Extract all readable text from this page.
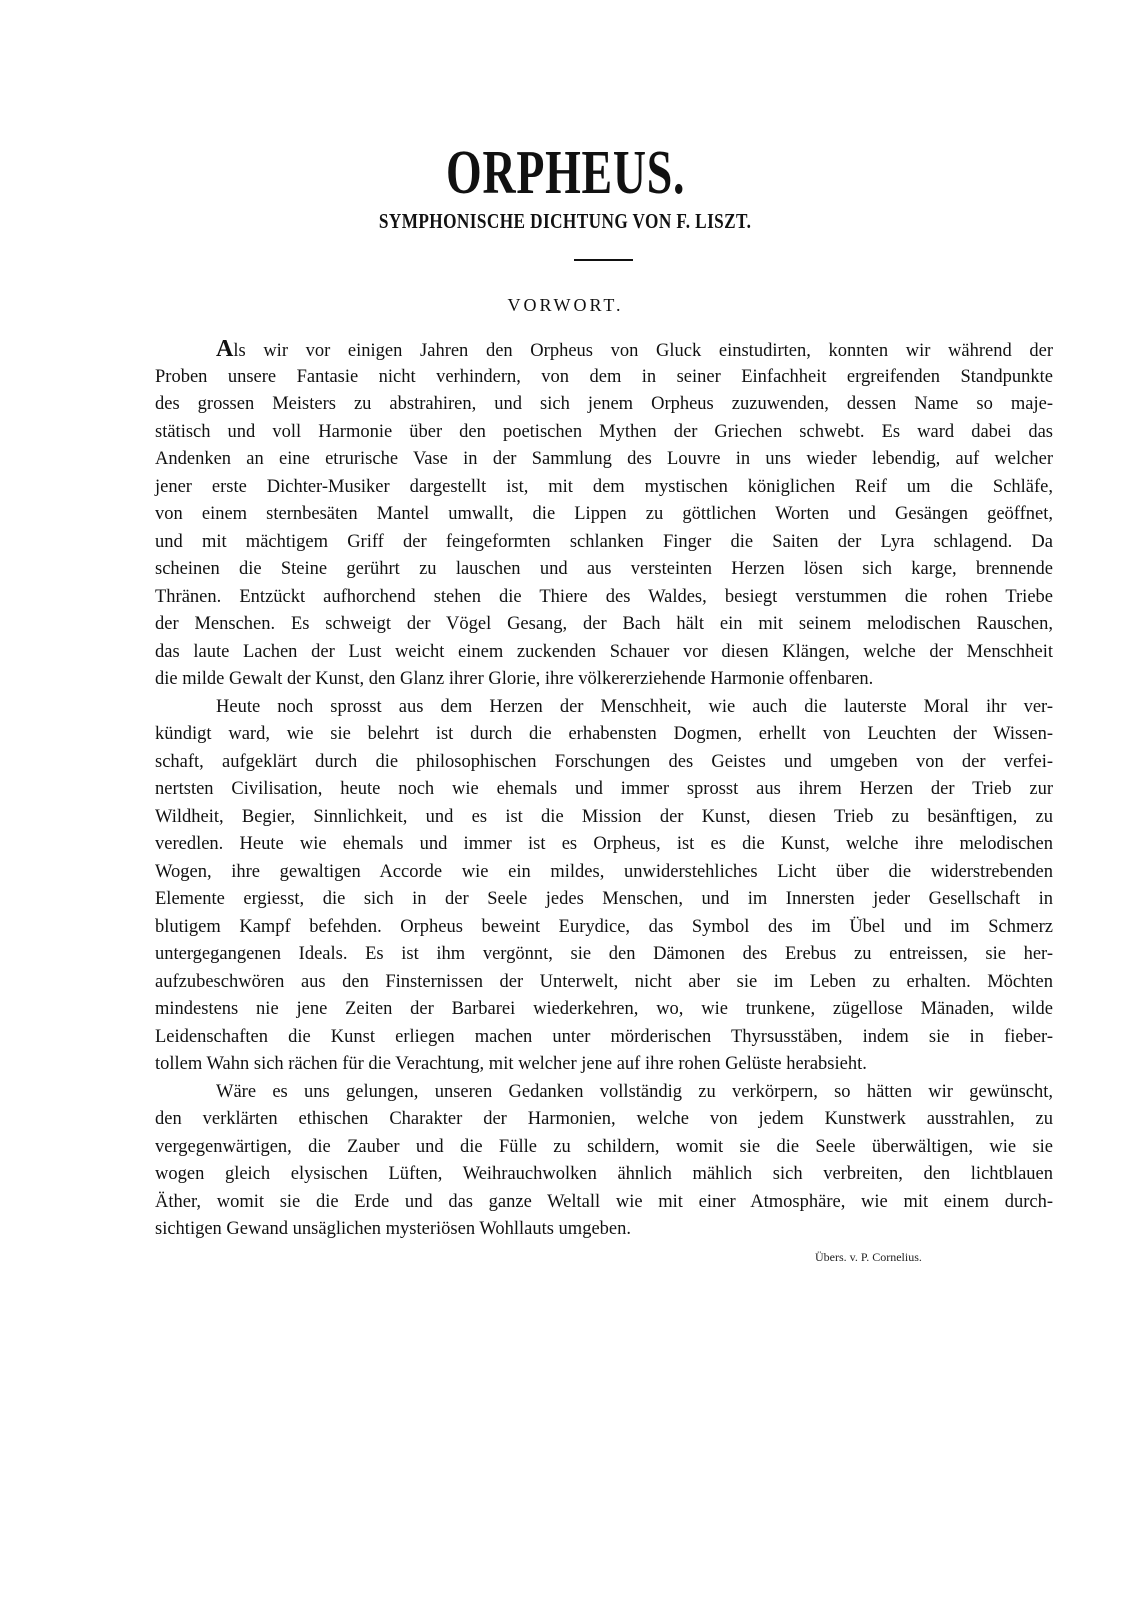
ORPHEUS.
SYMPHONISCHE DICHTUNG VON F. LISZT.
VORWORT.
Als wir vor einigen Jahren den Orpheus von Gluck einstudirten, konnten wir während der
Proben unsere Fantasie nicht verhindern, von dem in seiner Einfachheit ergreifenden Standpunkte
des grossen Meisters zu abstrahiren, und sich jenem Orpheus zuzuwenden, dessen Name so maje-
stätisch und voll Harmonie über den poetischen Mythen der Griechen schwebt. Es ward dabei das
Andenken an eine etrurische Vase in der Sammlung des Louvre in uns wieder lebendig, auf welcher
jener erste Dichter-Musiker dargestellt ist, mit dem mystischen königlichen Reif um die Schläfe,
von einem sternbesäten Mantel umwallt, die Lippen zu göttlichen Worten und Gesängen geöffnet,
und mit mächtigem Griff der feingeformten schlanken Finger die Saiten der Lyra schlagend. Da
scheinen die Steine gerührt zu lauschen und aus versteinten Herzen lösen sich karge, brennende
Thränen. Entzückt aufhorchend stehen die Thiere des Waldes, besiegt verstummen die rohen Triebe
der Menschen. Es schweigt der Vögel Gesang, der Bach hält ein mit seinem melodischen Rauschen,
das laute Lachen der Lust weicht einem zuckenden Schauer vor diesen Klängen, welche der Menschheit
die milde Gewalt der Kunst, den Glanz ihrer Glorie, ihre völkererziehende Harmonie offenbaren.
Heute noch sprosst aus dem Herzen der Menschheit, wie auch die lauterste Moral ihr ver-
kündigt ward, wie sie belehrt ist durch die erhabensten Dogmen, erhellt von Leuchten der Wissen-
schaft, aufgeklärt durch die philosophischen Forschungen des Geistes und umgeben von der verfei-
nertsten Civilisation, heute noch wie ehemals und immer sprosst aus ihrem Herzen der Trieb zur
Wildheit, Begier, Sinnlichkeit, und es ist die Mission der Kunst, diesen Trieb zu besänftigen, zu
veredlen. Heute wie ehemals und immer ist es Orpheus, ist es die Kunst, welche ihre melodischen
Wogen, ihre gewaltigen Accorde wie ein mildes, unwiderstehliches Licht über die widerstrebenden
Elemente ergiesst, die sich in der Seele jedes Menschen, und im Innersten jeder Gesellschaft in
blutigem Kampf befehden. Orpheus beweint Eurydice, das Symbol des im Übel und im Schmerz
untergegangenen Ideals. Es ist ihm vergönnt, sie den Dämonen des Erebus zu entreissen, sie her-
aufzubeschwören aus den Finsternissen der Unterwelt, nicht aber sie im Leben zu erhalten. Möchten
mindestens nie jene Zeiten der Barbarei wiederkehren, wo, wie trunkene, zügellose Mänaden, wilde
Leidenschaften die Kunst erliegen machen unter mörderischen Thyrsusstäben, indem sie in fieber-
tollem Wahn sich rächen für die Verachtung, mit welcher jene auf ihre rohen Gelüste herabsieht.
Wäre es uns gelungen, unseren Gedanken vollständig zu verkörpern, so hätten wir gewünscht,
den verklärten ethischen Charakter der Harmonien, welche von jedem Kunstwerk ausstrahlen, zu
vergegenwärtigen, die Zauber und die Fülle zu schildern, womit sie die Seele überwältigen, wie sie
wogen gleich elysischen Lüften, Weihrauchwolken ähnlich mählich sich verbreiten, den lichtblauen
Äther, womit sie die Erde und das ganze Weltall wie mit einer Atmosphäre, wie mit einem durch-
sichtigen Gewand unsäglichen mysteriösen Wohllauts umgeben.
Übers. v. P. Cornelius.
